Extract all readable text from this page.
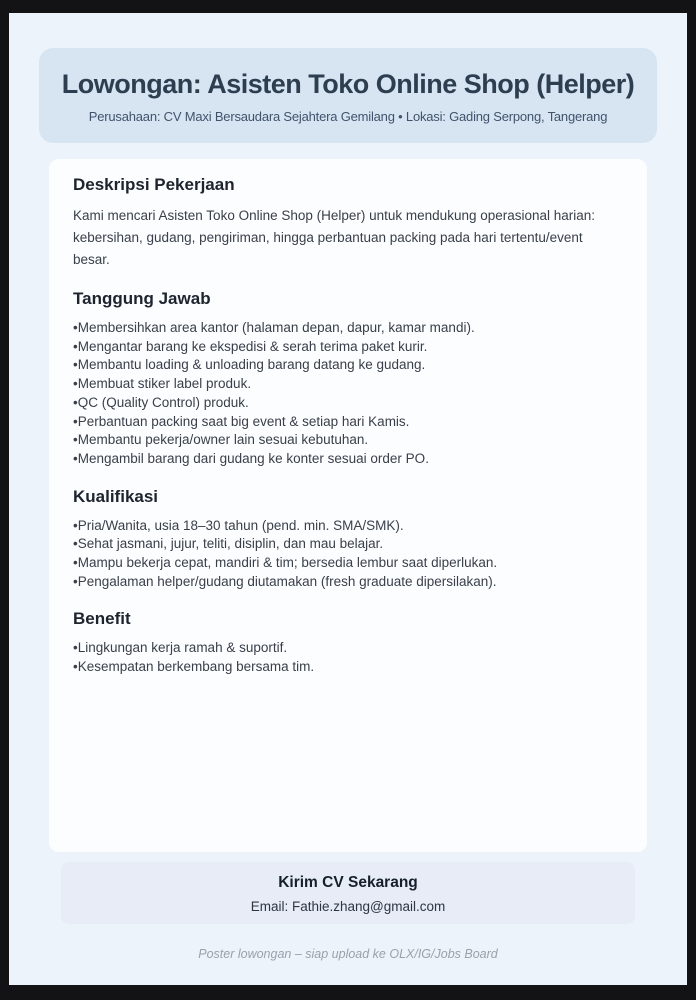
Lowongan: Asisten Toko Online Shop (Helper)

Perusahaan: CV Maxi Bersaudara Sejahtera Gemilang • Lokasi: Gading Serpong, Tangerang

Deskripsi Pekerjaan

Kami mencari Asisten Toko Online Shop (Helper) untuk mendukung operasional harian: kebersihan, gudang, pengiriman, hingga perbantuan packing pada hari tertentu/event besar.

Tanggung Jawab
• Membersihkan area kantor (halaman depan, dapur, kamar mandi).
• Mengantar barang ke ekspedisi & serah terima paket kurir.
• Membantu loading & unloading barang datang ke gudang.
• Membuat stiker label produk.
• QC (Quality Control) produk.
• Perbantuan packing saat big event & setiap hari Kamis.
• Membantu pekerja/owner lain sesuai kebutuhan.
• Mengambil barang dari gudang ke konter sesuai order PO.
Kualifikasi
• Pria/Wanita, usia 18–30 tahun (pend. min. SMA/SMK).
• Sehat jasmani, jujur, teliti, disiplin, dan mau belajar.
• Mampu bekerja cepat, mandiri & tim; bersedia lembur saat diperlukan.
• Pengalaman helper/gudang diutamakan (fresh graduate dipersilakan).
Benefit
• Lingkungan kerja ramah & suportif.
• Kesempatan berkembang bersama tim.

Kirim CV Sekarang

Email: Fathie.zhang@gmail.com

Poster lowongan – siap upload ke OLX/IG/Jobs Board
